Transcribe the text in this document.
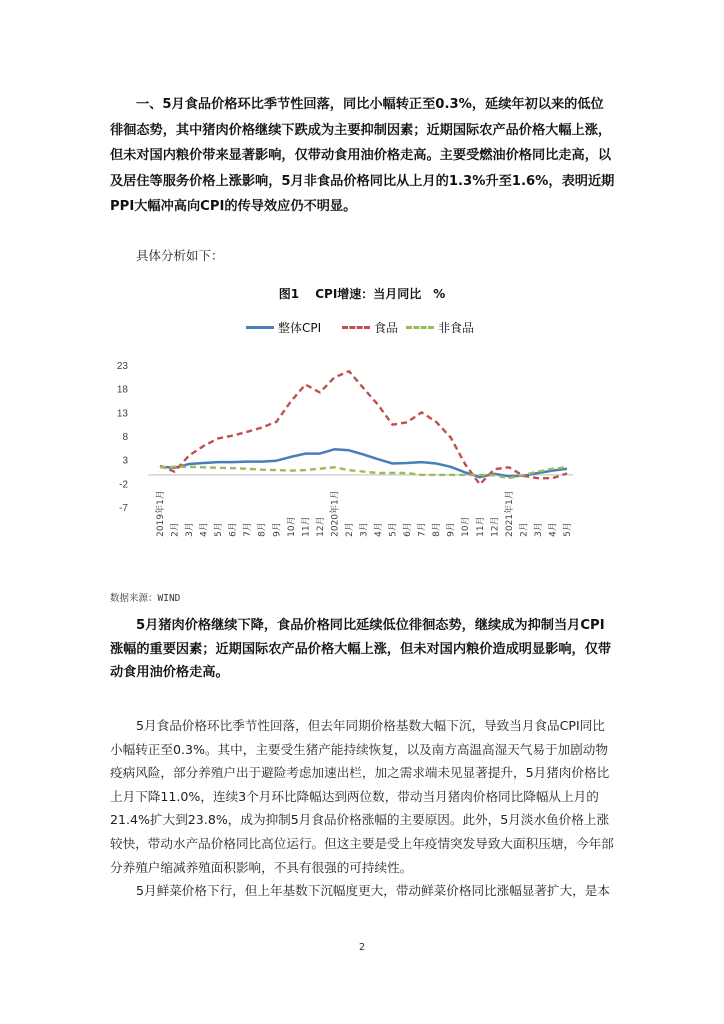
一、5月食品价格环比季节性回落，同比小幅转正至0.3%，延续年初以来的低位徘徊态势，其中猪肉价格继续下跌成为主要抑制因素；近期国际农产品价格大幅上涨，但未对国内粮价带来显著影响，仅带动食用油价格走高。主要受燃油价格同比走高，以及居住等服务价格上涨影响，5月非食品价格同比从上月的1.3%升至1.6%，表明近期PPI大幅冲高向CPI的传导效应仍不明显。
具体分析如下：
图1　 CPI增速：当月同比　%
整体CPI	食品	非食品
23
18
13
8
3
-2
-7	2019年1月 2月 3月 4月 5月 6月 7月 8月 9月 10月 11月 12月 2020年1月 2月 3月 4月 5月 6月 7月 8月 9月 10月 11月 12月 2021年1月 2月 3月 4月 5月
数据来源：WIND
5月猪肉价格继续下降，食品价格同比延续低位徘徊态势，继续成为抑制当月CPI涨幅的重要因素；近期国际农产品价格大幅上涨，但未对国内粮价造成明显影响，仅带动食用油价格走高。
5月食品价格环比季节性回落，但去年同期价格基数大幅下沉，导致当月食品CPI同比小幅转正至0.3%。其中，主要受生猪产能持续恢复，以及南方高温高湿天气易于加剧动物疫病风险，部分养殖户出于避险考虑加速出栏，加之需求端未见显著提升，5月猪肉价格比上月下降11.0%，连续3个月环比降幅达到两位数，带动当月猪肉价格同比降幅从上月的21.4%扩大到23.8%，成为抑制5月食品价格涨幅的主要原因。此外，5月淡水鱼价格上涨较快，带动水产品价格同比高位运行。但这主要是受上年疫情突发导致大面积压塘，今年部分养殖户缩减养殖面积影响，不具有很强的可持续性。
5月鲜菜价格下行，但上年基数下沉幅度更大，带动鲜菜价格同比涨幅显著扩大，是本
2
